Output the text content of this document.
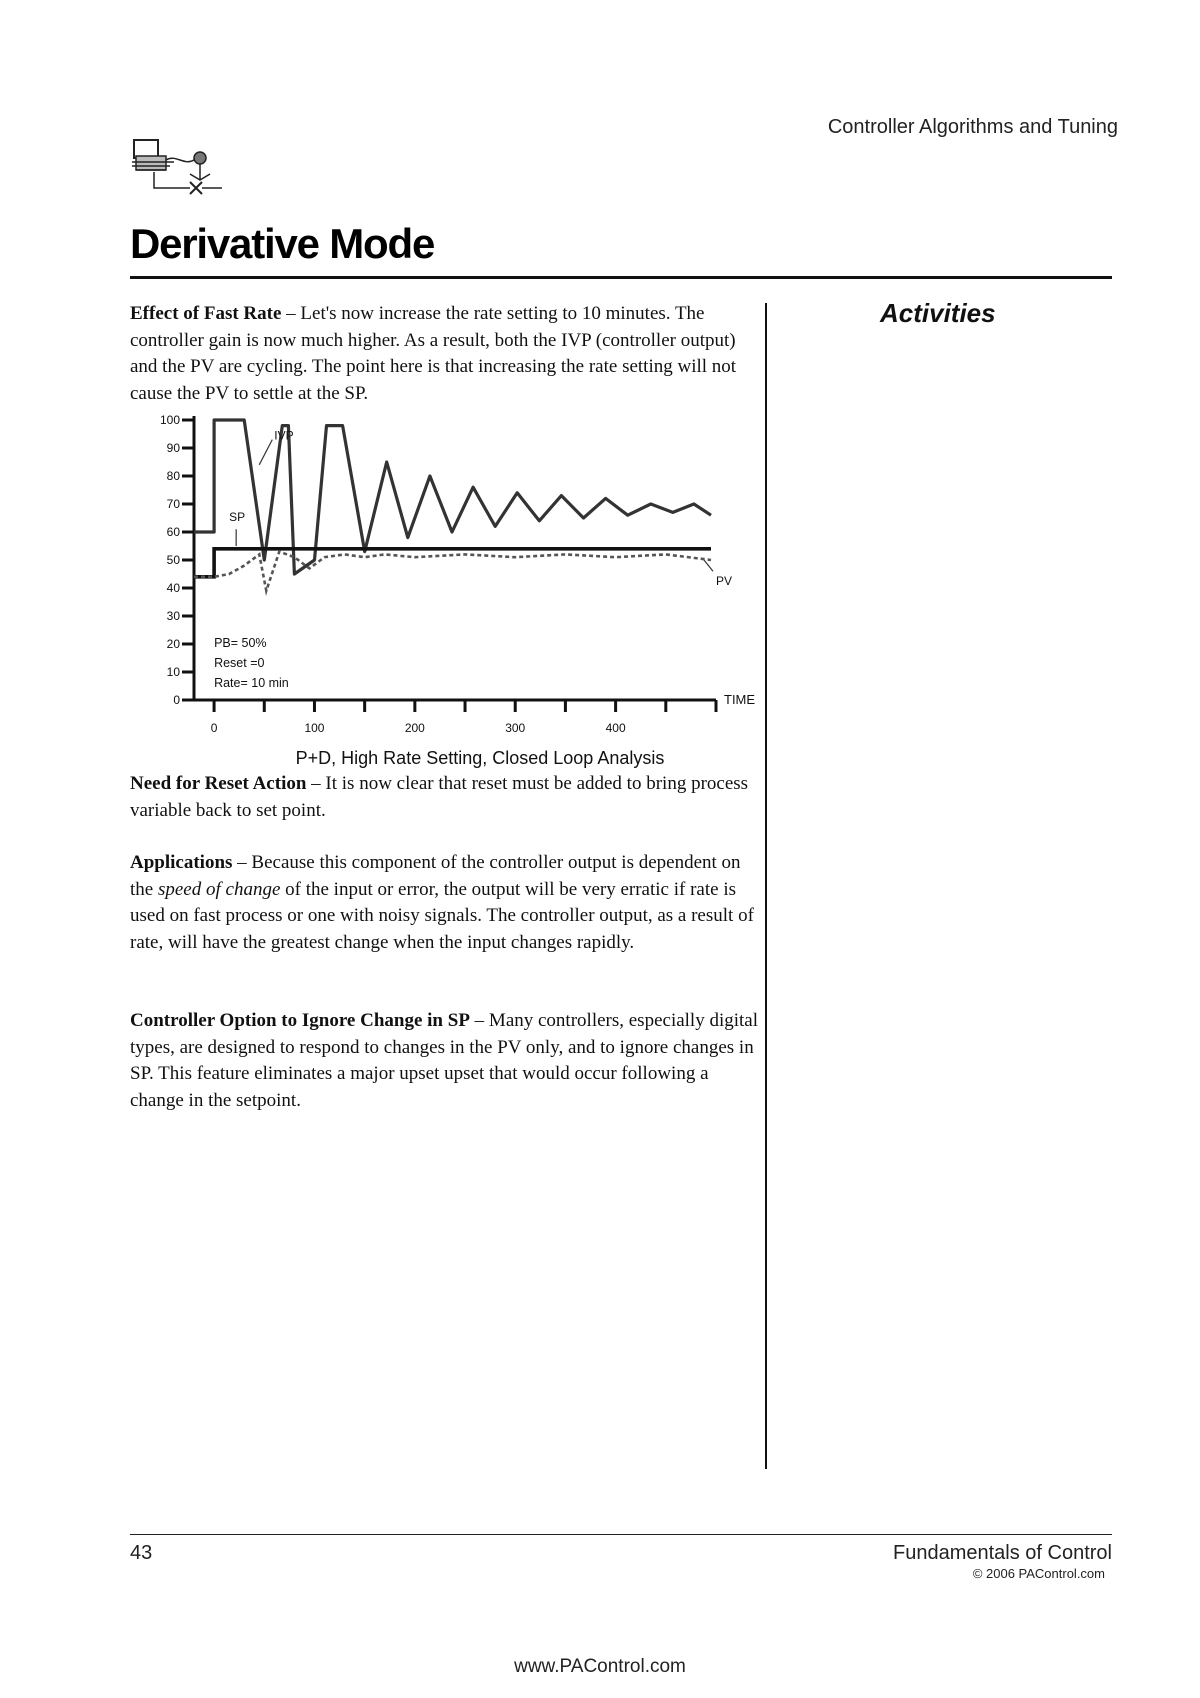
Controller Algorithms and Tuning
Derivative Mode
Activities
Effect of Fast Rate – Let's now increase the rate setting to 10 minutes. The controller gain is now much higher. As a result, both the IVP (controller output) and the PV are cycling. The point here is that increasing the rate setting will not cause the PV to settle at the SP.
0
10
20
30
40
50
60
70
80
90
100
0	100	200	300	400
TIME
IVP
SP
PV
PB= 50%
Reset =0
Rate= 10 min
P+D, High Rate Setting, Closed Loop Analysis
Need for Reset Action – It is now clear that reset must be added to bring process variable back to set point.
Applications – Because this component of the controller output is dependent on the speed of change of the input or error, the output will be very erratic if rate is used on fast process or one with noisy signals. The controller output, as a result of rate, will have the greatest change when the input changes rapidly.
Controller Option to Ignore Change in SP – Many controllers, especially digital types, are designed to respond to changes in the PV only, and to ignore changes in SP. This feature eliminates a major upset upset that would occur following a change in the setpoint.
43	Fundamentals of Control
© 2006 PAControl.com
www.PAControl.com
